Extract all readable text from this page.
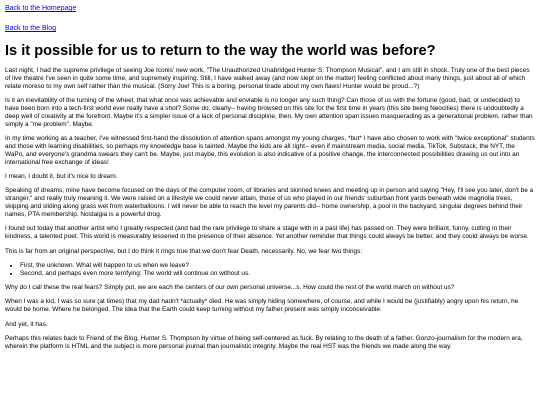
Back to the Homepage
Back to the Blog
Is it possible for us to return to the way the world was before?

Last night, I had the supreme privilege of seeing Joe Iconis' new work, "The Unauthorized Unabridged Hunter S. Thompson Musical", and I am still in shock. Truly one of the best pieces of live theatre I've seen in quite some time, and supremely inspiring. Still, I have walked away (and now slept on the matter) feeling conflicted about many things, just about all of which relate moreso to my own self rather than the musical. (Sorry Joe! This is a boring, personal tirade about my own flaws! Hunter would be proud...?)

Is it an inevitability of the turning of the wheel, that what once was achievable and enviable is no longer any such thing? Can those of us with the fortune (good, bad, or undecided) to have been born into a tech-first world ever really have a shot? Some do, clearly-- having browsed on this site for the first time in years (this site being Neocities) there is undoubtedly a deep well of creativity at the forefront. Maybe it's a simpler issue of a lack of personal discipline, then. My own attention span issues masquerading as a generational problem, rather than simply a "me problem". Maybe.

In my time working as a teacher, I've witnessed first-hand the dissolution of attention spans amongst my young charges, *but* I have also chosen to work with "twice exceptional" students and those with learning disabilities, so perhaps my knowledge base is tainted. Maybe the kids are all right-- even if mainstream media, social media, TikTok, Substack, the NYT, the WaPo, and everyone's grandma swears they can't be. Maybe, just maybe, this evolution is also indicative of a positive change, the interconnected possibilities drawing us out into an international free exchange of ideas!

I mean, I doubt it, but it's nice to dream.

Speaking of dreams; mine have become focused on the days of the computer room, of libraries and skinned knees and meeting up in person and saying "Hey, I'll see you later, don't be a stranger," and really truly meaning it. We were raised on a lifestyle we could never attain, those of us who played in our friends' suburban front yards beneath wide magnolia trees, skipping and sliding along grass wet from waterballoons. I will never be able to reach the level my parents did-- home ownership, a pool in the backyard, singular degrees behind their names, PTA membership. Nostalgia is a powerful drug.

I found out today that another artist who I greatly respected (and had the rare privilege to share a stage with in a past life) has passed on. They were brilliant, funny, cutting in their kindness, a talented poet. This world is measurably lessened in the presence of their absence. Yet another reminder that things could always be better, and they could always be worse.

This is far from an original perspective, but I do think it rings true that we don't fear Death, necessarily. No, we fear two things:

• First, the unknown. What will happen to us when we leave?
• Second, and perhaps even more terrifying: The world will continue on without us.

Why do I call these the real fears? Simply put, we are each the centers of our own personal universe...s. How could the rest of the world march on without us?

When I was a kid, I was so sure (at times) that my dad hadn't *actually* died. He was simply hiding somewhere, of course, and while I would be (justifiably) angry upon his return, he would be home. Where he belonged. The idea that the Earth could keep turning without my father present was simply inconceivable.

And yet, it has.

Perhaps this relates back to Friend of the Blog, Hunter S. Thompson by virtue of being self-centered as fuck. By relating to the death of a father. Gonzo-journalism for the modern era, wherein the platform is HTML and the subject is more personal journal than journalistic integrity. Maybe the real HST was the friends we made along the way.
